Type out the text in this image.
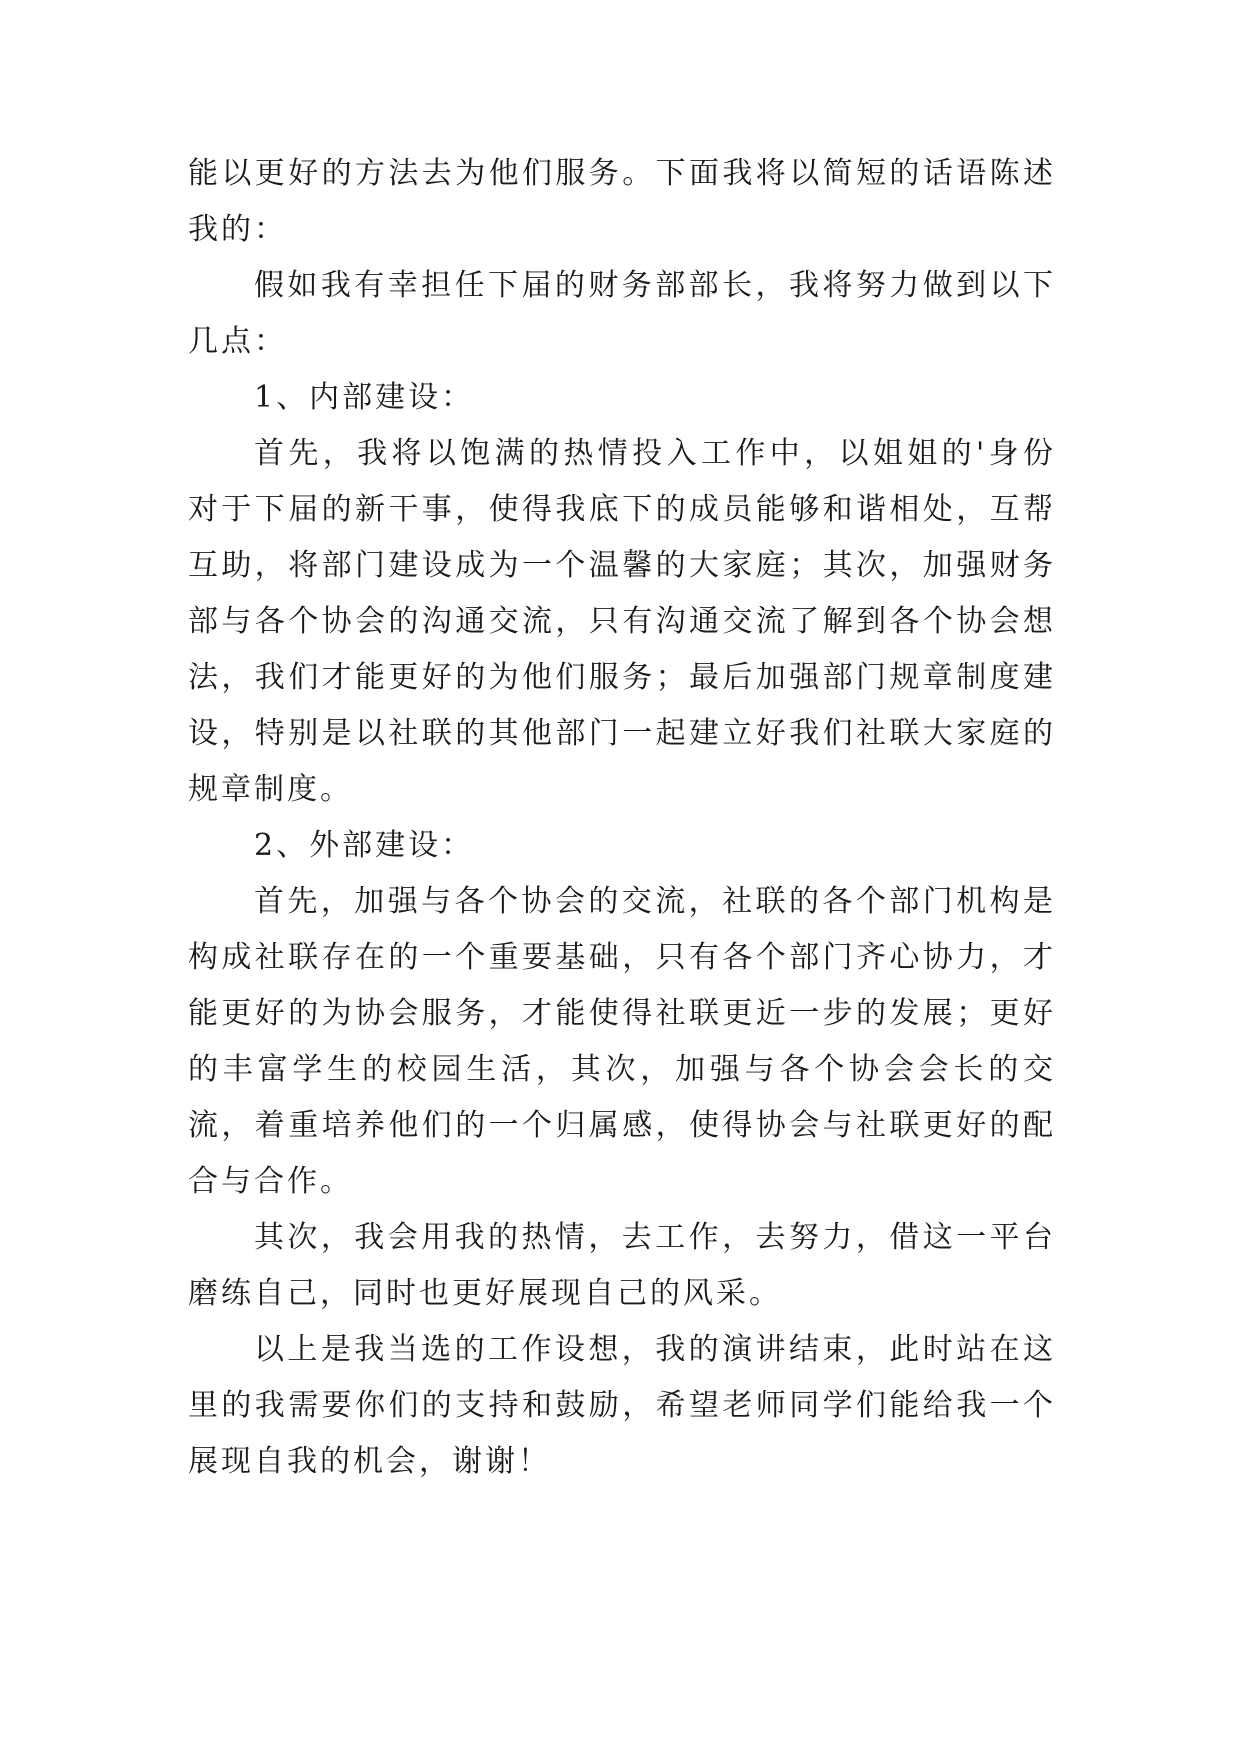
能以更好的方法去为他们服务。下面我将以简短的话语陈述我的：

假如我有幸担任下届的财务部部长，我将努力做到以下几点：

1、内部建设：

首先，我将以饱满的热情投入工作中，以姐姐的'身份对于下届的新干事，使得我底下的成员能够和谐相处，互帮互助，将部门建设成为一个温馨的大家庭；其次，加强财务部与各个协会的沟通交流，只有沟通交流了解到各个协会想法，我们才能更好的为他们服务；最后加强部门规章制度建设，特别是以社联的其他部门一起建立好我们社联大家庭的规章制度。

2、外部建设：

首先，加强与各个协会的交流，社联的各个部门机构是构成社联存在的一个重要基础，只有各个部门齐心协力，才能更好的为协会服务，才能使得社联更近一步的发展；更好的丰富学生的校园生活，其次，加强与各个协会会长的交流，着重培养他们的一个归属感，使得协会与社联更好的配合与合作。

其次，我会用我的热情，去工作，去努力，借这一平台磨练自己，同时也更好展现自己的风采。

以上是我当选的工作设想，我的演讲结束，此时站在这里的我需要你们的支持和鼓励，希望老师同学们能给我一个展现自我的机会，谢谢！
